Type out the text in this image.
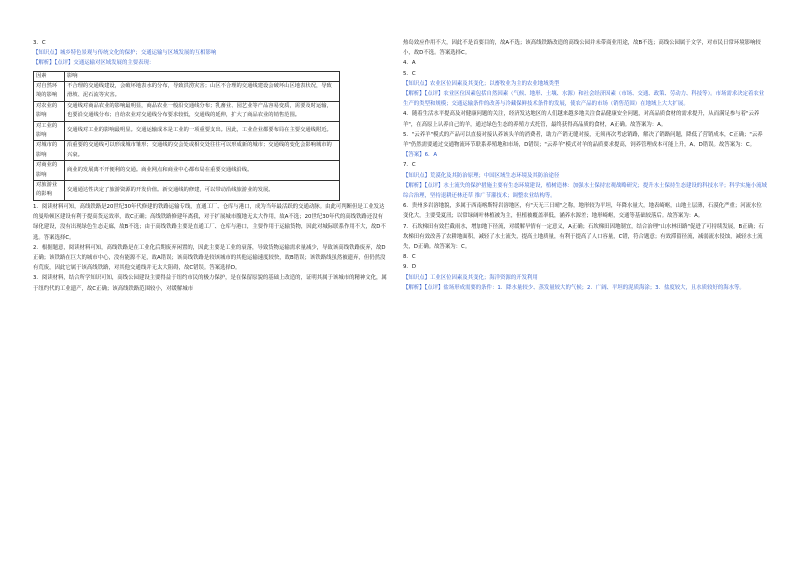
3．C

【知识点】城乡特色景观与传统文化的保护；交通运输与区域发展的互相影响

【解析】【点评】交通运输对区域发展的主要表现：

因素	影响
对自然环境的影响	不合理的交通线建设，会破坏地表水的分布，导致洪涝灾害；山区不合理的交通线建设会破坏山区地表状况，导致滑坡、泥石流等灾害。
对农业的影响	交通线对商品农业的影响最明显，商品农业一般沿交通线分布；乳畜业、园艺业等产品容易变质，需要及时运输，也要沿交通线分布；自给农业对交通线分布要求较低，交通线的延伸，扩大了商品农业的销售范围。
对工业的影响	交通线对工业的影响最明显。交通运输成本是工业的一项重要支出。因此，工业企业都要布局在主要交通线附近。
对城市的影响	沿重要的交通线可以形成城市雏形；交通线的交会处或相交处往往可以形成新的城市；交通线的变化会影响城市的兴衰。
对商业的影响	商业的发展离不开便利的交通。商业网点和商业中心都布局在重要交通线沿线。
对旅游业的影响	交通通达性决定了旅游资源的开发价值。新交通线的修建，可以带动沿线旅游业的发展。

1．阅读材料可知，高线铁路是20世纪30年代修建的铁路运输专线，直通工厂、仓库与港口，成为当年最活跃的交通动脉。由此可判断但是工业发达的曼哈顿区建设有利于提高货运效率，故C正确；高线铁路修建年离我，对于扩展城市腹地无太大作用，故A不选；20世纪30年代的高线铁路还没有绿化建设，没有出现绿色生态走廊，故B不选；由于高线铁路主要是直通工厂、仓库与港口，主要作用于运输货物，因此对城际联系作用不大，故D不选。答案选择C。

2．根据题意，阅读材料可知，高线铁路是在工业化后期废弃闲置的，因此主要是工业的衰落，导致货物运输需求量减少，导致该高线铁路废弃，故D正确；该铁路在巨大的城市中心，没有能源不足，故A错误；该高线铁路是较该城市的其他运输速度较快，故B错误；该铁路线虽然被遗弃，但仍然没有荒废，因此它属于该高线铁路，对其他交通线并无太大阻碍，故C错误。答案选择D。

3．阅读材料，结合所学知识可知，高线公园建设主要得益于纽约市民的极力保护，是在保留原貌的基础上改造的，证明其属于该城市的精神文化，属于纽约代的工业遗产，故C正确；该高线铁路范围较小，对缓解城市

热岛效应作用不大，因此不是首要目的，故A不选；该高线铁路改造的高线公园并未带商业用途，故B不选；高线公园属于文学，对市民日常环境影响较小，故D不选。答案选择C。

4．A

5．C

【知识点】农业区位因素及其变化；以畜牧业为主的农业地域类型

【解析】【点评】农业区位因素包括自然因素（气候、地形、土壤、水源）和社会经济因素（市场、交通、政策、劳动力、科技等）。市场需求决定着农业生产的类型和规模；交通运输条件的改善与冷藏保鲜技术条件的发展，使农产品的市场（销售范围）在地域上大大扩展。

4．随着生活水平提高及对健康问题的关注，经济发达地区的人们越来越多地关注食品健康安全问题，对高品质食材的需求提升，从而满足参与着"云养羊"，在高原上认养自己的羊，通过绿色生态的养殖方式托管，最终获得高品质的食材，A正确。故答案为：A。

5．"云养羊"模式的产品可以直接对接认养该头羊的消费者，助力产销无缝对接，无须再次考虑销路，解决了销路问题，降低了营销成本，C正确；"云养羊"仍然需要通过交通物流环节联系养殖地和市场，D错误；"云养羊"模式对羊的品质要求提高，饲养管理成本可能上升，A、D错误。故答案为：C。

【答案】6．A

7．C

【知识点】荒漠化及其防治原理；中国区域生态环境及其防治途径

【解析】【点评】水土流失的保护措施主要有生态环境建设，植树造林：加强水土保持宏观战略研究；提升水土保持生态建设的科技水平；科学实施小流域综合治理，坚持退耕还林还草 推广节灌技术；调整农业结构等。

6．贵州多岩溶地貌，多属于西南喀斯特岩溶地区，有"天无三日晴"之称，地形较为平坦，年降水量大，地表崎岖，山地土层薄，石漠化严重；河流水位变化大，主要受夏汛；以常绿阔叶林植被为主，但植被覆盖率低，涵养水源差；地形崎岖，交通等基础较落后。故答案为：A。

7．石坎梯田有效拦截雨水，增加地下径流，对缓解旱情有一定意义，A正确；石坎梯田因地制宜，结合治理"山水林田路"促进了可持续发展，B正确；石坎梯田有效改善了农耕地面积，减轻了水土流失，提高土地质量，有利于提高了人口容量，C错，符合题意；有效滞留径流，减弱流水侵蚀，减轻水土流失，D正确。故答案为：C。

8．C

9．D

【知识点】工业区位因素及其变化；海洋资源的开发利用

【解析】【点评】盐场形成需要的条件：1．降水量较少、蒸发量较大的气候；2．广阔、平坦的泥质海涂；3．盐度较大，且水质较好的海水等。
